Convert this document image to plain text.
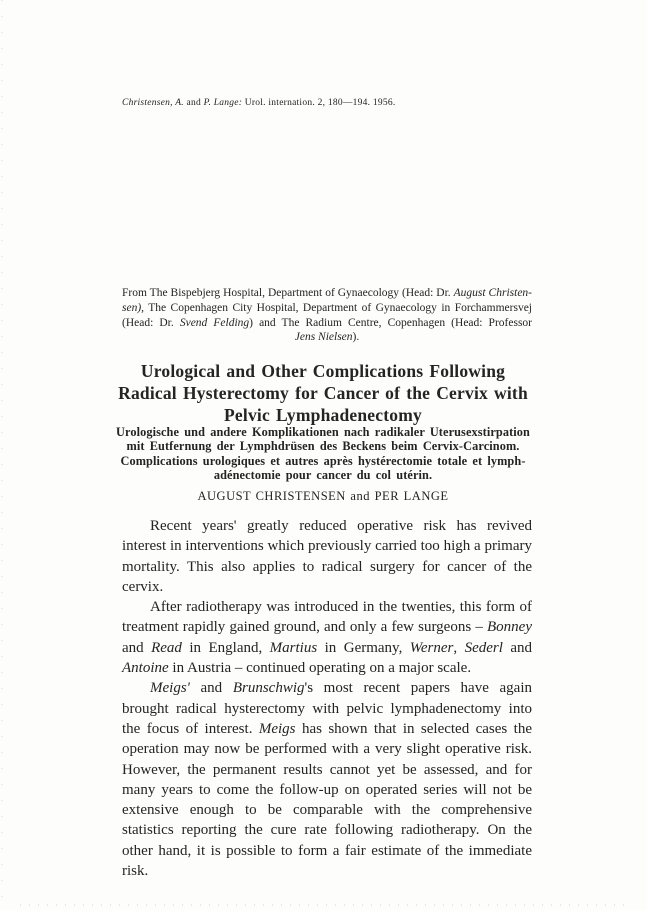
Christensen, A. and P. Lange: Urol. internation. 2, 180—194. 1956.
From The Bispebjerg Hospital, Department of Gynaecology (Head: Dr. August Christen-
sen), The Copenhagen City Hospital, Department of Gynaecology in Forchammersvej
(Head: Dr. Svend Felding) and The Radium Centre, Copenhagen (Head: Professor
Jens Nielsen).
Urological and Other Complications Following
Radical Hysterectomy for Cancer of the Cervix with
Pelvic Lymphadenectomy
Urologische und andere Komplikationen nach radikaler Uterusexstirpation
mit Eutfernung der Lymphdrüsen des Beckens beim Cervix-Carcinom.
Complications urologiques et autres après hystérectomie totale et lymph-
adénectomie pour cancer du col utérin.
AUGUST CHRISTENSEN and PER LANGE

Recent years' greatly reduced operative risk has revived interest in interventions which previously carried too high a primary mortality. This also applies to radical surgery for cancer of the cervix.

After radiotherapy was introduced in the twenties, this form of treatment rapidly gained ground, and only a few surgeons – Bonney and Read in England, Martius in Germany, Werner, Sederl and Antoine in Austria – continued operating on a major scale.

Meigs' and Brunschwig's most recent papers have again brought radical hysterectomy with pelvic lymphadenectomy into the focus of interest. Meigs has shown that in selected cases the operation may now be performed with a very slight operative risk. However, the permanent results cannot yet be assessed, and for many years to come the follow-up on operated series will not be extensive enough to be comparable with the comprehensive statistics reporting the cure rate following radiotherapy. On the other hand, it is possible to form a fair estimate of the immediate risk.
